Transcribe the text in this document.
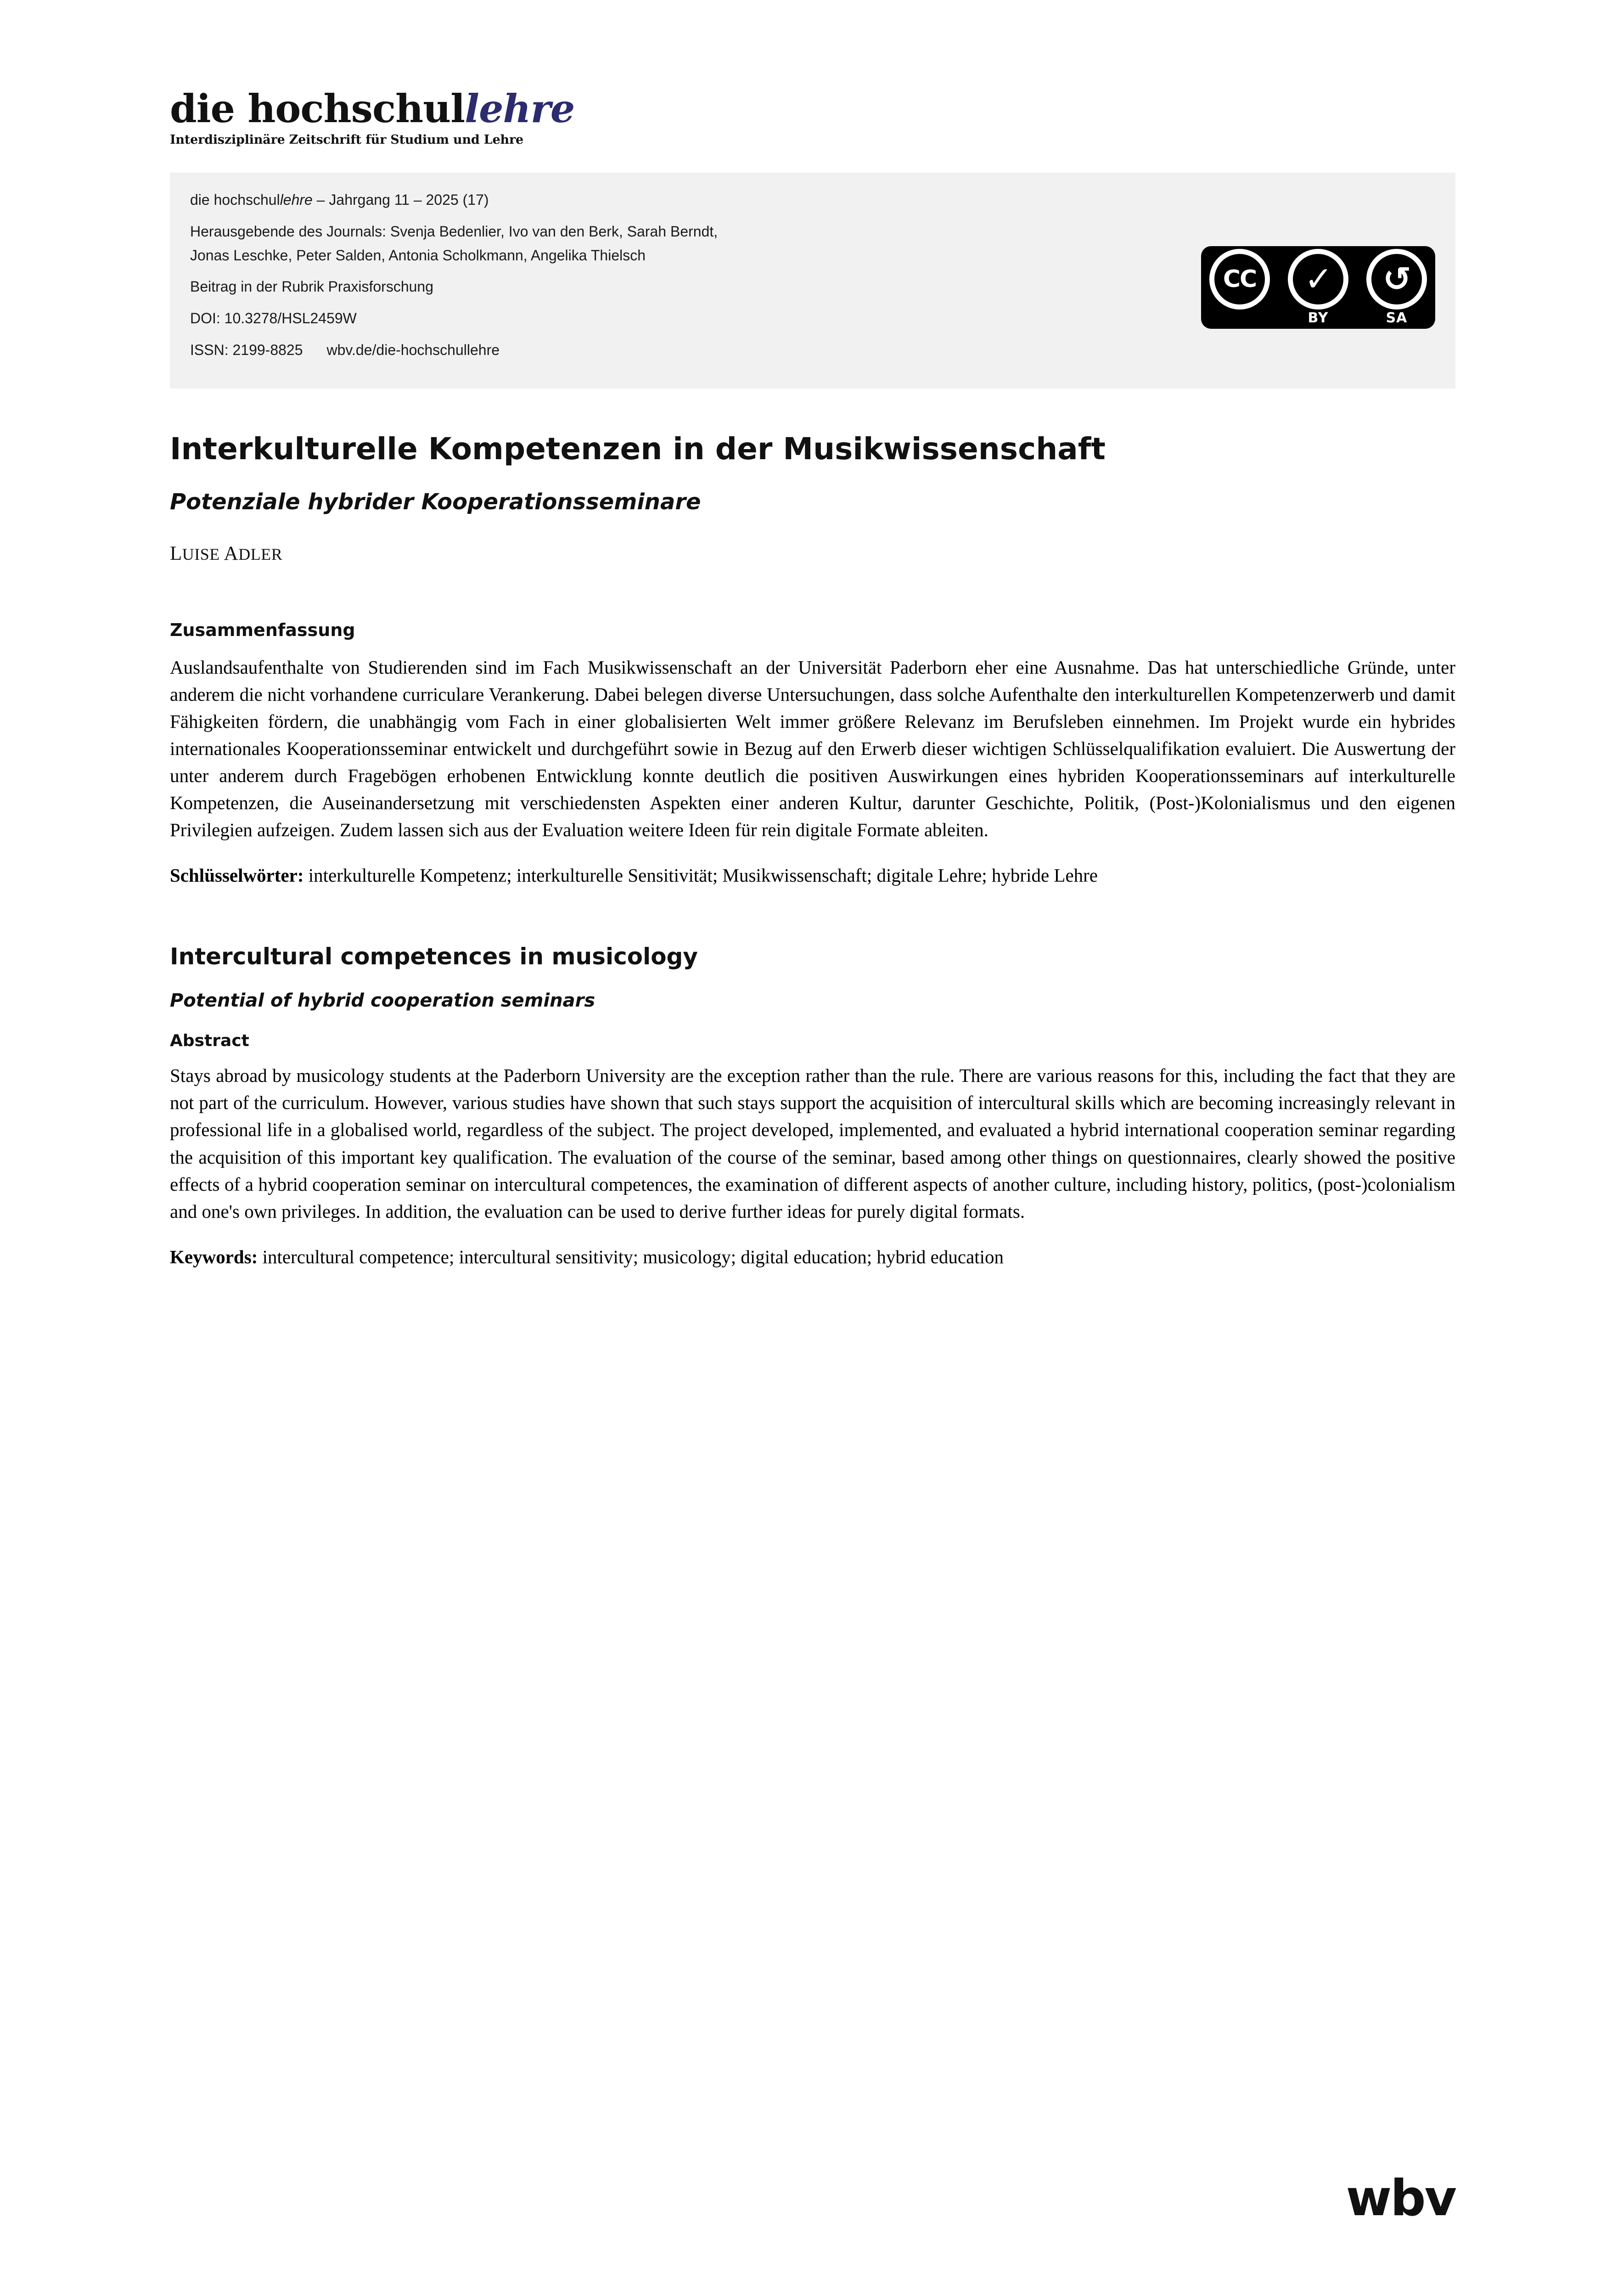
die hochschullehre
Interdisziplinäre Zeitschrift für Studium und Lehre
die hochschullehre – Jahrgang 11 – 2025 (17)
Herausgebende des Journals: Svenja Bedenlier, Ivo van den Berk, Sarah Berndt,
Jonas Leschke, Peter Salden, Antonia Scholkmann, Angelika Thielsch
Beitrag in der Rubrik Praxisforschung
DOI: 10.3278/HSL2459W
ISSN: 2199-8825 wbv.de/die-hochschullehre
CC	✓
BY
↺
SA
Interkulturelle Kompetenzen in der Musikwissenschaft
Potenziale hybrider Kooperationsseminare
LUISE ADLER
Zusammenfassung
Auslandsaufenthalte von Studierenden sind im Fach Musikwissenschaft an der Universität Paderborn eher eine Ausnahme. Das hat unterschiedliche Gründe, unter anderem die nicht vorhandene curriculare Verankerung. Dabei belegen diverse Untersuchungen, dass solche Aufenthalte den interkulturellen Kompetenzerwerb und damit Fähigkeiten fördern, die unabhängig vom Fach in einer globalisierten Welt immer größere Relevanz im Berufsleben einnehmen. Im Projekt wurde ein hybrides internationales Kooperationsseminar entwickelt und durchgeführt sowie in Bezug auf den Erwerb dieser wichtigen Schlüsselqualifikation evaluiert. Die Auswertung der unter anderem durch Fragebögen erhobenen Entwicklung konnte deutlich die positiven Auswirkungen eines hybriden Kooperationsseminars auf interkulturelle Kompetenzen, die Auseinandersetzung mit verschiedensten Aspekten einer anderen Kultur, darunter Geschichte, Politik, (Post-)Kolonialismus und den eigenen Privilegien aufzeigen. Zudem lassen sich aus der Evaluation weitere Ideen für rein digitale Formate ableiten.
Schlüsselwörter: interkulturelle Kompetenz; interkulturelle Sensitivität; Musikwissenschaft; digitale Lehre; hybride Lehre
Intercultural competences in musicology
Potential of hybrid cooperation seminars
Abstract
Stays abroad by musicology students at the Paderborn University are the exception rather than the rule. There are various reasons for this, including the fact that they are not part of the curriculum. However, various studies have shown that such stays support the acquisition of intercultural skills which are becoming increasingly relevant in professional life in a globalised world, regardless of the subject. The project developed, implemented, and evaluated a hybrid international cooperation seminar regarding the acquisition of this important key qualification. The evaluation of the course of the seminar, based among other things on questionnaires, clearly showed the positive effects of a hybrid cooperation seminar on intercultural competences, the examination of different aspects of another culture, including history, politics, (post-)colonialism and one's own privileges. In addition, the evaluation can be used to derive further ideas for purely digital formats.
Keywords: intercultural competence; intercultural sensitivity; musicology; digital education; hybrid education
wbv
